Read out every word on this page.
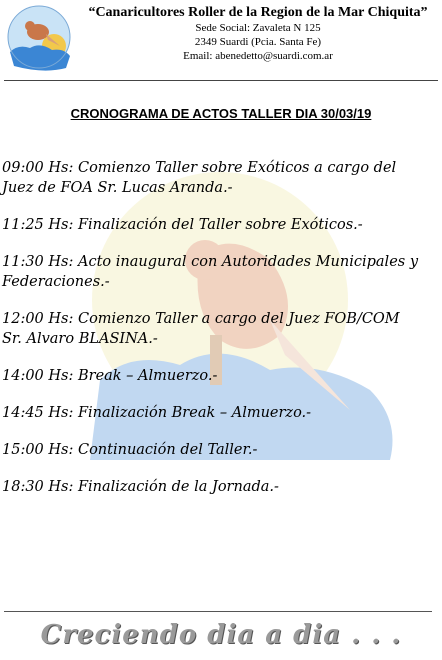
“Canaricultores Roller de la Region de la Mar Chiquita”
Sede Social: Zavaleta N 125
2349 Suardi (Pcia. Santa Fe)
Email: abenedetto@suardi.com.ar
CRONOGRAMA DE ACTOS TALLER DIA 30/03/19
09:00 Hs: Comienzo Taller sobre Exóticos a cargo del Juez de FOA Sr. Lucas Aranda.-
11:25 Hs: Finalización del Taller sobre Exóticos.-
11:30 Hs: Acto inaugural con Autoridades Municipales y Federaciones.-
12:00 Hs: Comienzo Taller a cargo del Juez FOB/COM Sr. Alvaro BLASINA.-
14:00 Hs: Break – Almuerzo.-
14:45 Hs: Finalización Break – Almuerzo.-
15:00 Hs: Continuación del Taller.-
18:30 Hs: Finalización de la Jornada.-
Creciendo dia a dia . . .
